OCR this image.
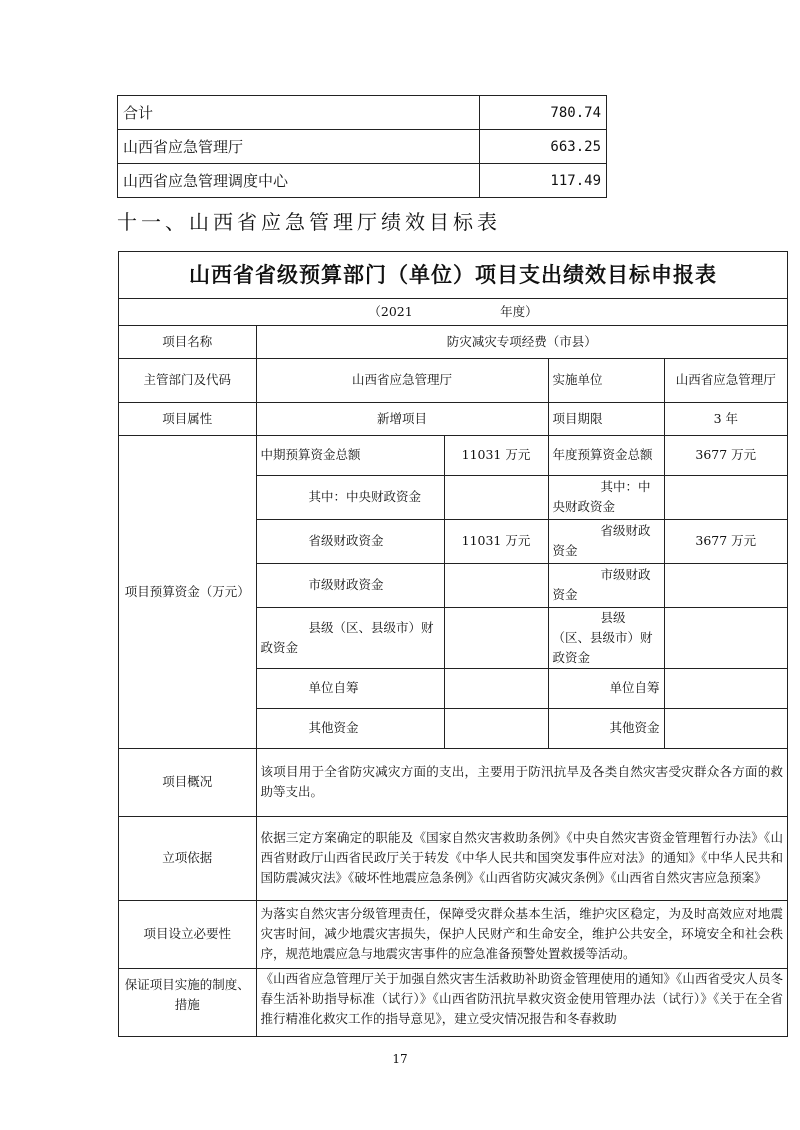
合计	780.74
山西省应急管理厅	663.25
山西省应急管理调度中心	117.49
十一、山西省应急管理厅绩效目标表
山西省省级预算部门（单位）项目支出绩效目标申报表				
（2021　　　　　　　年度）				
项目名称	防灾减灾专项经费（市县）			
主管部门及代码	山西省应急管理厅		实施单位	山西省应急管理厅
项目属性	新增项目		项目期限	3 年
项目预算资金（万元）	中期预算资金总额	11031 万元	年度预算资金总额	3677 万元
	其中：中央财政资金		其中：中央财政资金	
	省级财政资金	11031 万元	省级财政资金	3677 万元
	市级财政资金		市级财政资金	
	县级（区、县级市）财政资金		县级（区、县级市）财政资金	
	单位自筹		单位自筹	
	其他资金		其他资金	
项目概况	该项目用于全省防灾减灾方面的支出，主要用于防汛抗旱及各类自然灾害受灾群众各方面的救助等支出。			
立项依据	依据三定方案确定的职能及《国家自然灾害救助条例》《中央自然灾害资金管理暂行办法》《山西省财政厅山西省民政厅关于转发《中华人民共和国突发事件应对法》的通知》《中华人民共和国防震减灾法》《破坏性地震应急条例》《山西省防灾减灾条例》《山西省自然灾害应急预案》			
项目设立必要性	为落实自然灾害分级管理责任，保障受灾群众基本生活，维护灾区稳定，为及时高效应对地震灾害时间，减少地震灾害损失，保护人民财产和生命安全，维护公共安全，环境安全和社会秩序，规范地震应急与地震灾害事件的应急准备预警处置救援等活动。			
保证项目实施的制度、措施	《山西省应急管理厅关于加强自然灾害生活救助补助资金管理使用的通知》《山西省受灾人员冬春生活补助指导标准（试行）》《山西省防汛抗旱救灾资金使用管理办法（试行）》《关于在全省推行精准化救灾工作的指导意见》，建立受灾情况报告和冬春救助			
17
